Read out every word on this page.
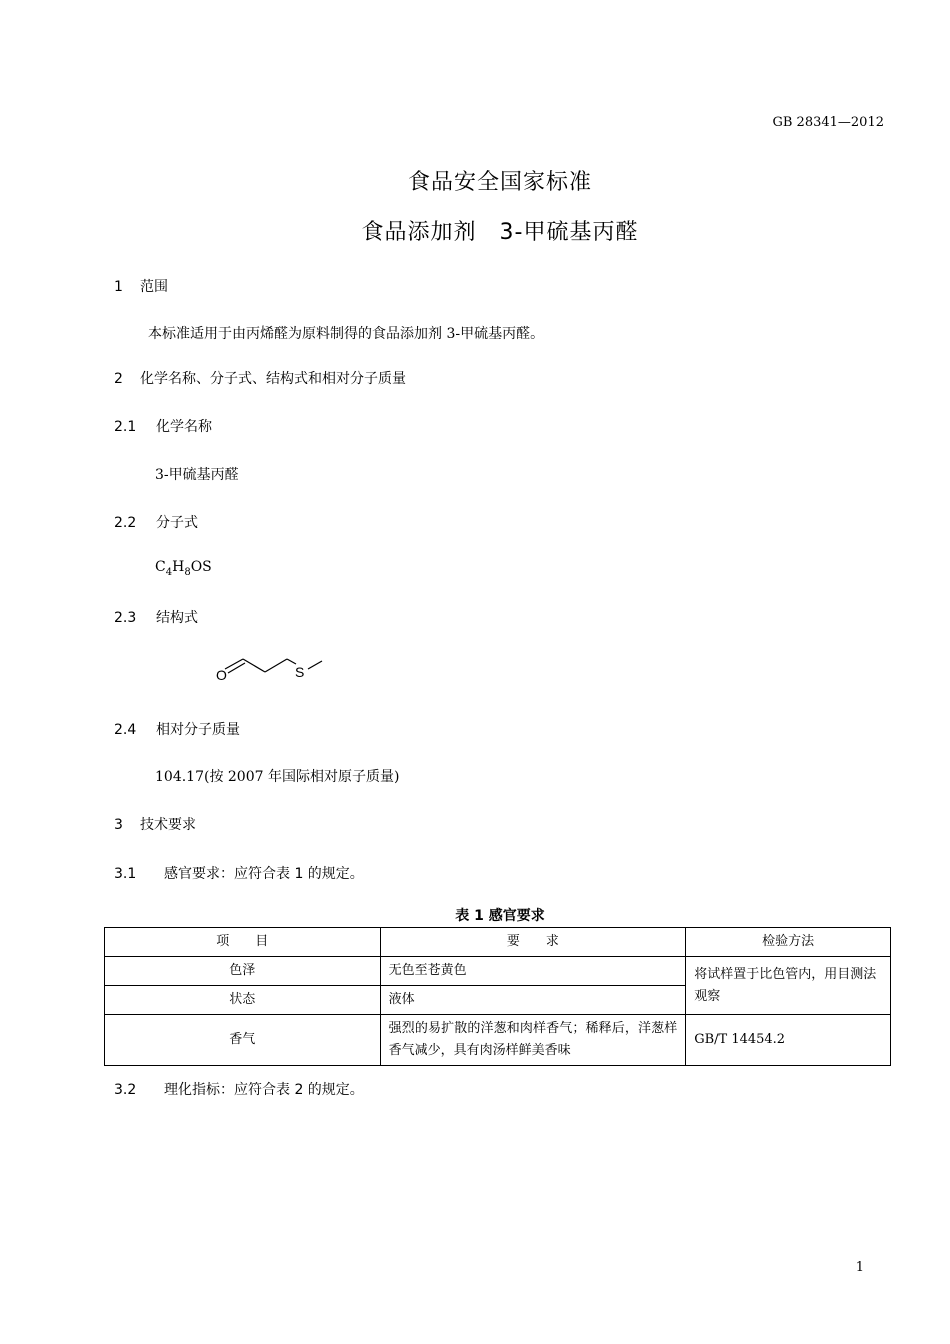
GB 28341—2012
食品安全国家标准
食品添加剂　3-甲硫基丙醛
1 范围
本标准适用于由丙烯醛为原料制得的食品添加剂 3-甲硫基丙醛。
2 化学名称、分子式、结构式和相对分子质量
2.1 化学名称
3-甲硫基丙醛
2.2 分子式
$C_4H_8OS$
2.3 结构式
O	S
2.4 相对分子质量
104.17(按 2007 年国际相对原子质量)
3 技术要求
3.1 感官要求：应符合表 1 的规定。
表 1 感官要求
项　　目	要　　求	检验方法
色泽	无色至苍黄色	将试样置于比色管内，用目测法观察
状态	液体	
香气	强烈的易扩散的洋葱和肉样香气；稀释后，洋葱样香气减少，具有肉汤样鲜美香味	GB/T 14454.2
3.2 理化指标：应符合表 2 的规定。
1
